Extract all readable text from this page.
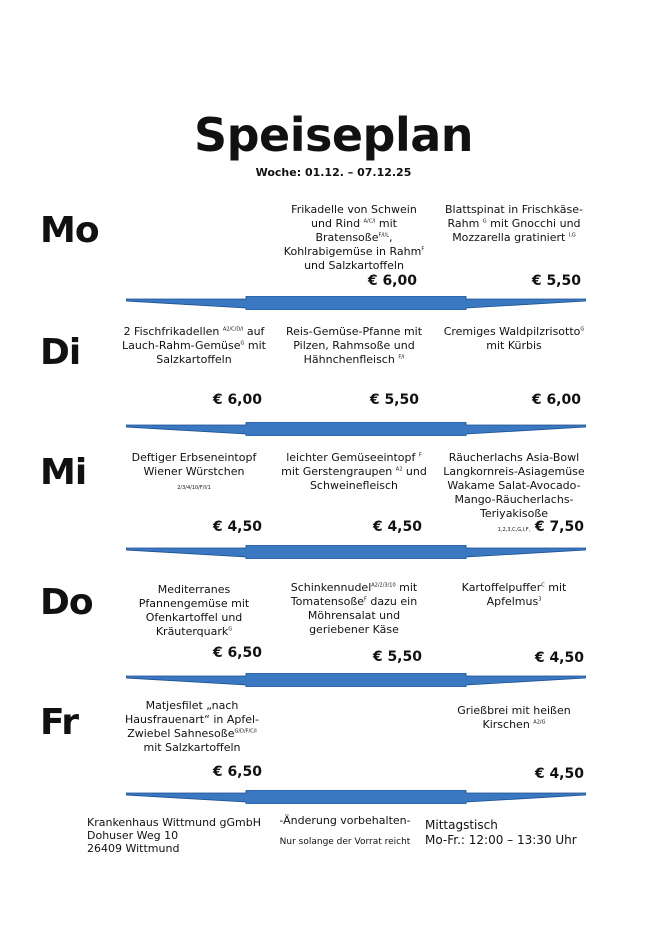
Speiseplan
Woche: 01.12. – 07.12.25
Mo
Frikadelle von Schwein und Rind $^{A/C/I}$ mit Bratensoße$^{F/I/L}$, Kohlrabigemüse in Rahm$^F$ und Salzkartoffeln
Blattspinat in Frischkäse-Rahm $^G$ mit Gnocchi und Mozzarella gratiniert $^{I,G}$
€ 6,00	€ 5,50
Di
2 Fischfrikadellen $^{A2/C/D/I}$ auf Lauch-Rahm-Gemüse$^G$ mit Salzkartoffeln
Reis-Gemüse-Pfanne mit Pilzen, Rahmsoße und Hähnchenfleisch $^{F/I}$
Cremiges Waldpilzrisotto$^G$ mit Kürbis
€ 6,00	€ 5,50	€ 6,00
Mi	Deftiger Erbseneintopf Wiener Würstchen
2/3/4/10/F/I/1
leichter Gemüseeintopf $^F$ mit Gerstengraupen $^{A2}$ und Schweinefleisch
Räucherlachs Asia-Bowl Langkornreis-Asiagemüse Wakame Salat-Avocado-Mango-Räucherlachs-Teriyakisoße
1,2,3,C,G,I,F,
€ 4,50	€ 4,50	€ 7,50
Do	Mediterranes Pfannengemüse mit Ofenkartoffel und Kräuterquark$^G$
Schinkennudel$^{A2/2/3/10}$ mit Tomatensoße$^F$ dazu ein Möhrensalat und geriebener Käse
Kartoffelpuffer$^C$ mit Apfelmus$^3$
€ 6,50	€ 5,50	€ 4,50
Fr	Matjesfilet „nach Hausfrauenart“ in Apfel-Zwiebel Sahnesoße$^{G/D/F/C/I}$ mit Salzkartoffeln
Grießbrei mit heißen Kirschen $^{A2/G}$
€ 6,50	€ 4,50
Krankenhaus Wittmund gGmbH
Dohuser Weg 10
26409 Wittmund
-Änderung vorbehalten-
Nur solange der Vorrat reicht
Mittagstisch
Mo-Fr.: 12:00 – 13:30 Uhr
